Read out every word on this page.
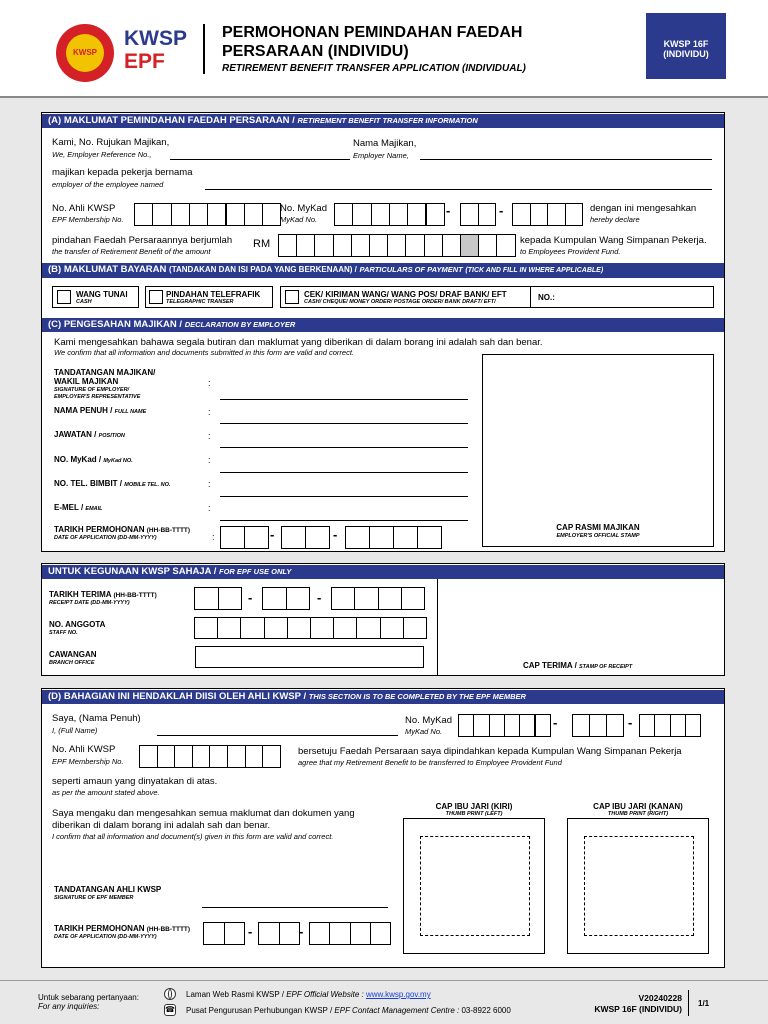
KWSP
KWSP
EPF
PERMOHONAN PEMINDAHAN FAEDAH
PERSARAAN (INDIVIDU)
RETIREMENT BENEFIT TRANSFER APPLICATION (INDIVIDUAL)
KWSP 16F
(INDIVIDU)
(A) MAKLUMAT PEMINDAHAN FAEDAH PERSARAAN / RETIREMENT BENEFIT TRANSFER INFORMATION
Kami, No. Rujukan Majikan,
We, Employer Reference No.,
Nama Majikan,
Employer Name,
majikan kepada pekerja bernama
employer of the employee named
No. Ahli KWSP
EPF Membership No.
No. MyKad
MyKad No.
-	-	dengan ini mengesahkan
hereby declare
pindahan Faedah Persaraannya berjumlah
the transfer of Retirement Benefit of the amount
RM	kepada Kumpulan Wang Simpanan Pekerja.
to Employees Provident Fund.
(B) MAKLUMAT BAYARAN (TANDAKAN DAN ISI PADA YANG BERKENAAN) / PARTICULARS OF PAYMENT (TICK AND FILL IN WHERE APPLICABLE)
WANG TUNAI
CASH
PINDAHAN TELEFRAFIK
TELEGRAPHIC TRANSER
CEK/ KIRIMAN WANG/ WANG POS/ DRAF BANK/ EFT
CASH/ CHEQUE/ MONEY ORDER/ POSTAGE ORDER/ BANK DRAFT/ EFT/	NO.:
(C) PENGESAHAN MAJIKAN / DECLARATION BY EMPLOYER
Kami mengesahkan bahawa segala butiran dan maklumat yang diberikan di dalam borang ini adalah sah dan benar.
We confirm that all information and documents submitted in this form are valid and correct.
TANDATANGAN MAJIKAN/
WAKIL MAJIKAN
SIGNATURE OF EMPLOYER/
EMPLOYER'S REPRESENTATIVE
:
NAMA PENUH / FULL NAME	:
JAWATAN / POSITION	:
NO. MyKad / MyKad NO.	:
NO. TEL. BIMBIT / MOBILE TEL. NO.	:
E-MEL / EMAIL	:
TARIKH PERMOHONAN (HH-BB-TTTT)
DATE OF APPLICATION (DD-MM-YYYY)	:	-	-	CAP RASMI MAJIKAN
EMPLOYER'S OFFICIAL STAMP
UNTUK KEGUNAAN KWSP SAHAJA / FOR EPF USE ONLY
TARIKH TERIMA (HH-BB-TTTT)
RECEIPT DATE (DD-MM-YYYY)	-	-
NO. ANGGOTA
STAFF NO.
CAWANGAN
BRANCH OFFICE	CAP TERIMA / STAMP OF RECEIPT
(D) BAHAGIAN INI HENDAKLAH DIISI OLEH AHLI KWSP / THIS SECTION IS TO BE COMPLETED BY THE EPF MEMBER
Saya, (Nama Penuh)
I, (Full Name)
No. MyKad
MyKad No.
-	-
No. Ahli KWSP
EPF Membership No.
bersetuju Faedah Persaraan saya dipindahkan kepada Kumpulan Wang Simpanan Pekerja
agree that my Retirement Benefit to be transferred to Employee Provident Fund
seperti amaun yang dinyatakan di atas.
as per the amount stated above.
Saya mengaku dan mengesahkan semua maklumat dan dokumen yang
diberikan di dalam borang ini adalah sah dan benar.
I confirm that all information and document(s) given in this form are valid and correct.
CAP IBU JARI (KIRI)
THUMB PRINT (LEFT)
CAP IBU JARI (KANAN)
THUMB PRINT (RIGHT)
TANDATANGAN AHLI KWSP
SIGNATURE OF EPF MEMBER
TARIKH PERMOHONAN (HH-BB-TTTT)
DATE OF APPLICATION (DD-MM-YYYY)	-	-
Untuk sebarang pertanyaan:
For any inquiries:
Laman Web Rasmi KWSP / EPF Official Website : www.kwsp.gov.my
☎ Pusat Pengurusan Perhubungan KWSP / EPF Contact Management Centre : 03-8922 6000
V20240228
KWSP 16F (INDIVIDU)
1/1
